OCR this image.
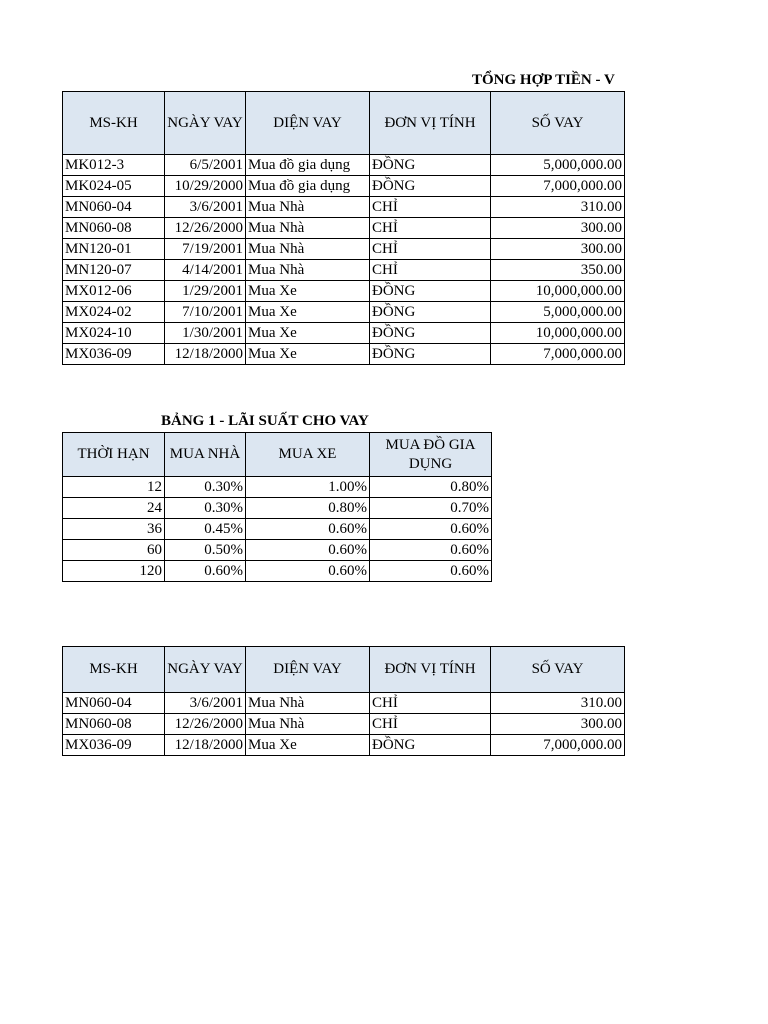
TỔNG HỢP TIỀN - V
MS-KH	NGÀY VAY	DIỆN VAY	ĐƠN VỊ TÍNH	SỐ VAY
MK012-3	6/5/2001	Mua đồ gia dụng	ĐỒNG	5,000,000.00
MK024-05	10/29/2000	Mua đồ gia dụng	ĐỒNG	7,000,000.00
MN060-04	3/6/2001	Mua Nhà	CHỈ	310.00
MN060-08	12/26/2000	Mua Nhà	CHỈ	300.00
MN120-01	7/19/2001	Mua Nhà	CHỈ	300.00
MN120-07	4/14/2001	Mua Nhà	CHỈ	350.00
MX012-06	1/29/2001	Mua Xe	ĐỒNG	10,000,000.00
MX024-02	7/10/2001	Mua Xe	ĐỒNG	5,000,000.00
MX024-10	1/30/2001	Mua Xe	ĐỒNG	10,000,000.00
MX036-09	12/18/2000	Mua Xe	ĐỒNG	7,000,000.00
BẢNG 1 - LÃI SUẤT CHO VAY
THỜI HẠN	MUA NHÀ	MUA XE	MUA ĐỒ GIA DỤNG
12	0.30%	1.00%	0.80%
24	0.30%	0.80%	0.70%
36	0.45%	0.60%	0.60%
60	0.50%	0.60%	0.60%
120	0.60%	0.60%	0.60%
MS-KH	NGÀY VAY	DIỆN VAY	ĐƠN VỊ TÍNH	SỐ VAY
MN060-04	3/6/2001	Mua Nhà	CHỈ	310.00
MN060-08	12/26/2000	Mua Nhà	CHỈ	300.00
MX036-09	12/18/2000	Mua Xe	ĐỒNG	7,000,000.00
